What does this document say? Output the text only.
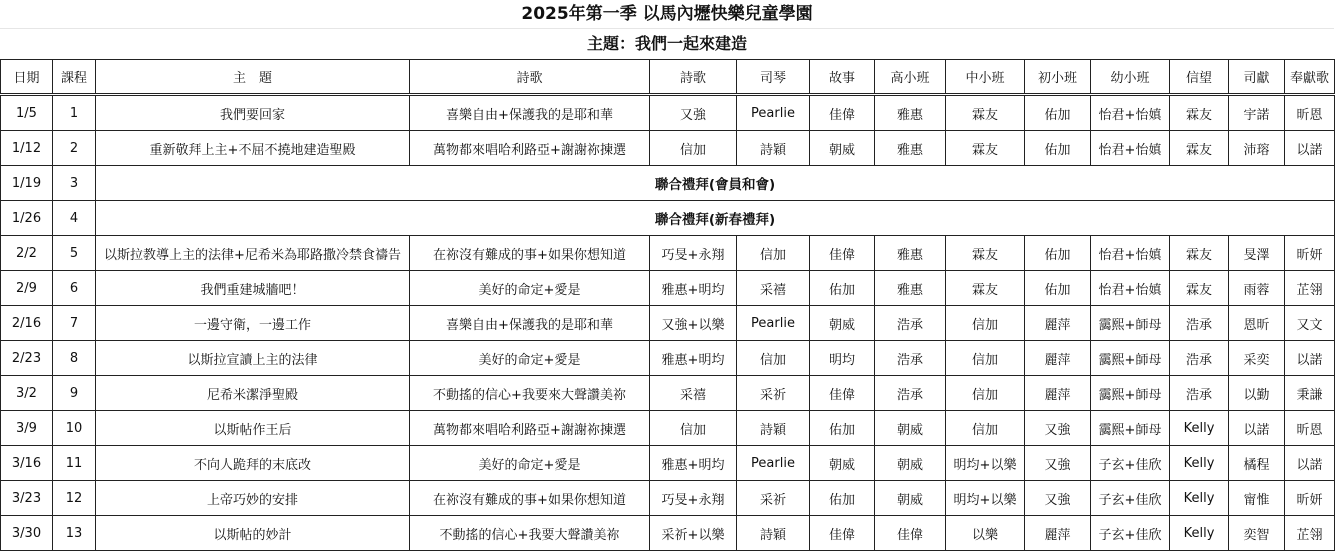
2025年第一季 以馬內壢快樂兒童學園
主題：我們一起來建造
日期	課程	主　題	詩歌	詩歌	司琴	故事	高小班	中小班	初小班	幼小班	信望	司獻	奉獻歌
1/5	1	我們要回家	喜樂自由+保護我的是耶和華	又強	Pearlie	佳偉	雅惠	霖友	佑加	怡君+怡嫃	霖友	宇諾	昕恩
1/12	2	重新敬拜上主+不屈不撓地建造聖殿	萬物都來唱哈利路亞+謝謝祢揀選	信加	詩穎	朝威	雅惠	霖友	佑加	怡君+怡嫃	霖友	沛瑢	以諾
1/19	3	聯合禮拜(會員和會)											
1/26	4	聯合禮拜(新春禮拜)											
2/2	5	以斯拉教導上主的法律+尼希米為耶路撒冷禁食禱告	在祢沒有難成的事+如果你想知道	巧旻+永翔	信加	佳偉	雅惠	霖友	佑加	怡君+怡嫃	霖友	旻澤	昕妍
2/9	6	我們重建城牆吧！	美好的命定+愛是	雅惠+明均	采禧	佑加	雅惠	霖友	佑加	怡君+怡嫃	霖友	雨蓉	芷翎
2/16	7	一邊守衛，一邊工作	喜樂自由+保護我的是耶和華	又強+以樂	Pearlie	朝威	浩承	信加	麗萍	靄熙+師母	浩承	恩昕	又文
2/23	8	以斯拉宣讀上主的法律	美好的命定+愛是	雅惠+明均	信加	明均	浩承	信加	麗萍	靄熙+師母	浩承	采奕	以諾
3/2	9	尼希米潔淨聖殿	不動搖的信心+我要來大聲讚美祢	采禧	采祈	佳偉	浩承	信加	麗萍	靄熙+師母	浩承	以勤	秉謙
3/9	10	以斯帖作王后	萬物都來唱哈利路亞+謝謝祢揀選	信加	詩穎	佑加	朝威	信加	又強	靄熙+師母	Kelly	以諾	昕恩
3/16	11	不向人跪拜的末底改	美好的命定+愛是	雅惠+明均	Pearlie	朝威	朝威	明均+以樂	又強	子玄+佳欣	Kelly	橘程	以諾
3/23	12	上帝巧妙的安排	在祢沒有難成的事+如果你想知道	巧旻+永翔	采祈	佑加	朝威	明均+以樂	又強	子玄+佳欣	Kelly	甯惟	昕妍
3/30	13	以斯帖的妙計	不動搖的信心+我要大聲讚美祢	采祈+以樂	詩穎	佳偉	佳偉	以樂	麗萍	子玄+佳欣	Kelly	奕智	芷翎
